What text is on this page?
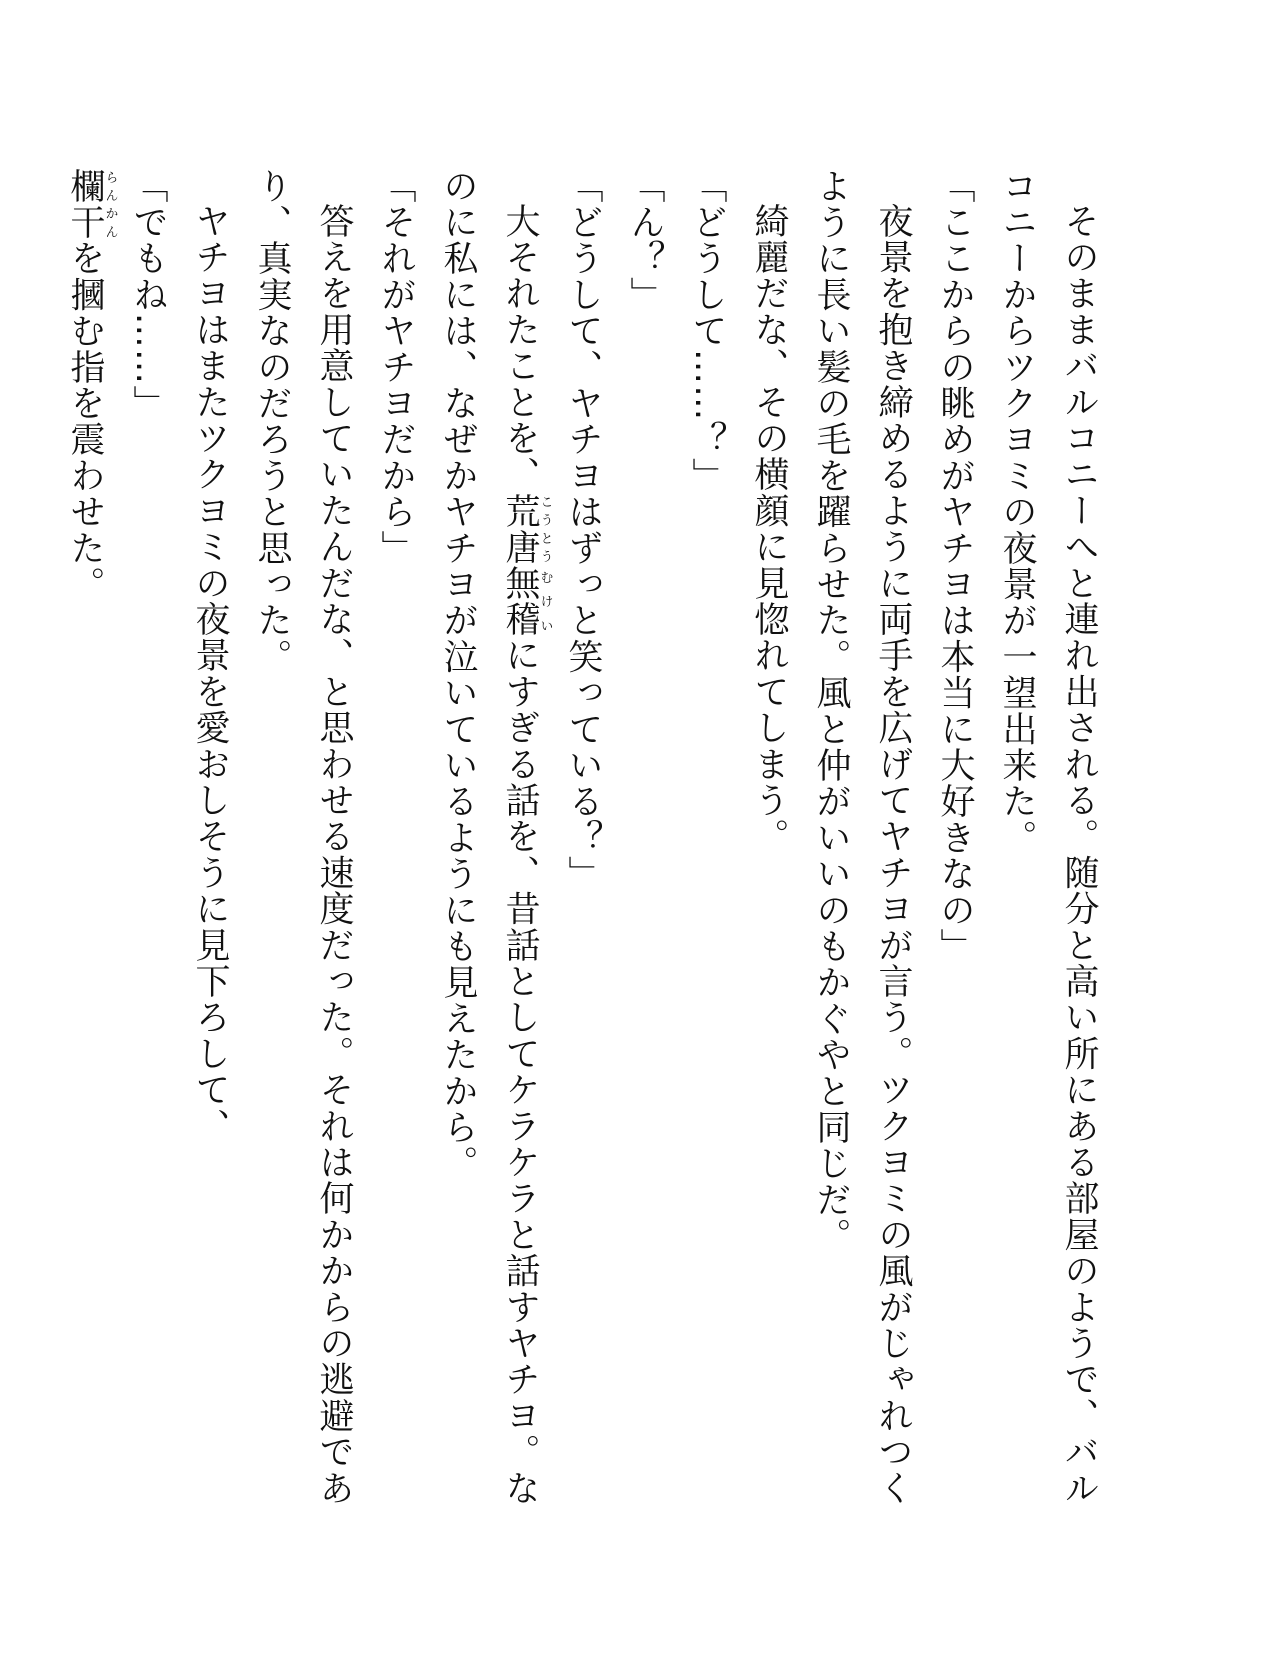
そのままバルコニーへと連れ出される。随分と高い所にある部屋のようで、バルコニーからツクヨミの夜景が一望出来た。

「ここからの眺めがヤチヨは本当に大好きなの」

夜景を抱き締めるように両手を広げてヤチヨが言う。ツクヨミの風がじゃれつくように長い髪の毛を躍らせた。風と仲がいいのもかぐやと同じだ。

綺麗だな、その横顔に見惚れてしまう。

「どうして……？」

「ん？」

「どうして、ヤチヨはずっと笑っている？」

大それたことを、荒唐こうとう無稽むけいにすぎる話を、昔話としてケラケラと話すヤチヨ。なのに私には、なぜかヤチヨが泣いているようにも見えたから。

「それがヤチヨだから」

答えを用意していたんだな、と思わせる速度だった。それは何かからの逃避であり、真実なのだろうと思った。

ヤチヨはまたツクヨミの夜景を愛おしそうに見下ろして、

「でもね……」

欄干らんかんを摑む指を震わせた。
